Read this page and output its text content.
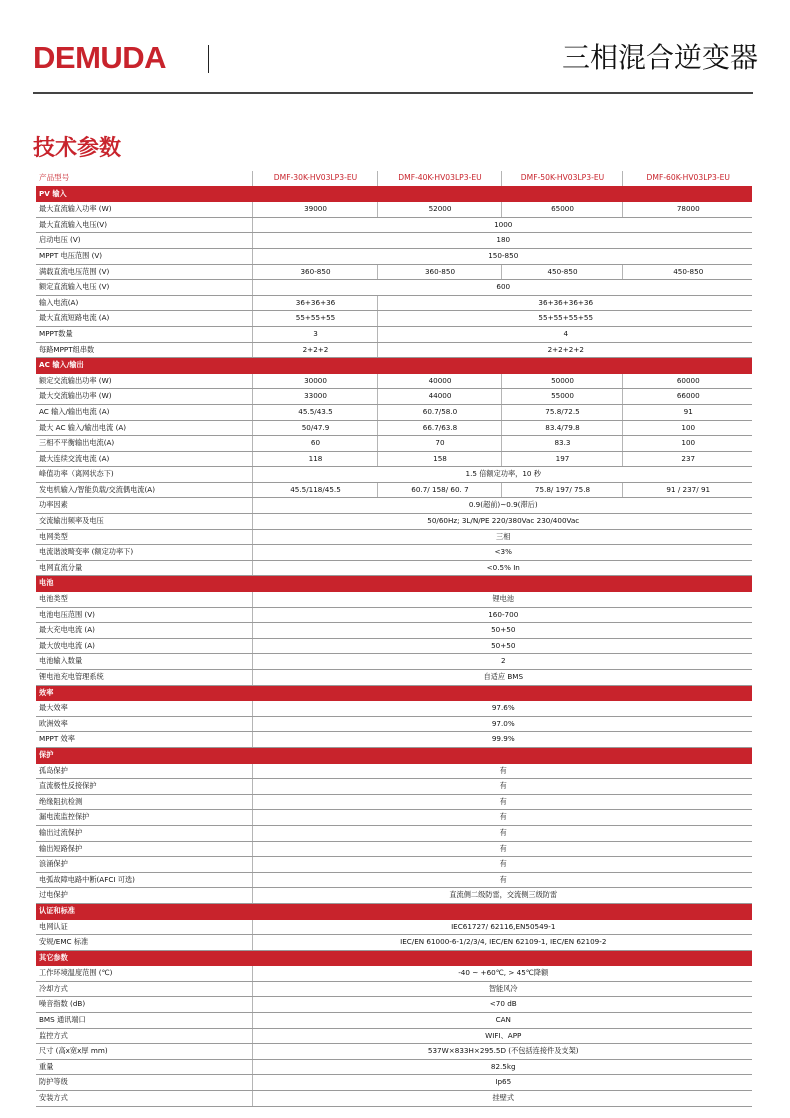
DEMUDA	三相混合逆变器
技术参数
产品型号	DMF-30K-HV03LP3-EU	DMF-40K-HV03LP3-EU	DMF-50K-HV03LP3-EU	DMF-60K-HV03LP3-EU
PV 输入				
最大直流输入功率 (W)	39000	52000	65000	78000
最大直流输入电压(V)	1000			
启动电压 (V)	180			
MPPT 电压范围 (V)	150-850			
满载直流电压范围 (V)	360-850	360-850	450-850	450-850
额定直流输入电压 (V)	600			
输入电流(A)	36+36+36	36+36+36+36		
最大直流短路电流 (A)	55+55+55	55+55+55+55		
MPPT数量	3	4		
每路MPPT组串数	2+2+2	2+2+2+2		
AC 输入/输出				
额定交流输出功率 (W)	30000	40000	50000	60000
最大交流输出功率 (W)	33000	44000	55000	66000
AC 输入/输出电流 (A)	45.5/43.5	60.7/58.0	75.8/72.5	91
最大 AC 输入/输出电流 (A)	50/47.9	66.7/63.8	83.4/79.8	100
三相不平衡输出电流(A)	60	70	83.3	100
最大连续交流电流 (A)	118	158	197	237
峰值功率（离网状态下)	1.5 倍额定功率，10 秒			
发电机输入/智能负载/交流偶电流(A)	45.5/118/45.5	60.7/ 158/ 60. 7	75.8/ 197/ 75.8	91 / 237/ 91
功率因素	0.9(超前)~0.9(滞后)			
交流输出频率及电压	50/60Hz; 3L/N/PE 220/380Vac 230/400Vac			
电网类型	三相			
电流谐波畸变率 (额定功率下)	<3%			
电网直流分量	<0.5% In			
电池				
电池类型	锂电池			
电池电压范围 (V)	160-700			
最大充电电流 (A)	50+50			
最大放电电流 (A)	50+50			
电池输入数量	2			
锂电池充电管理系统	自适应 BMS			
效率				
最大效率	97.6%			
欧洲效率	97.0%			
MPPT 效率	99.9%			
保护				
孤岛保护	有			
直流极性反接保护	有			
绝缘阻抗检测	有			
漏电流监控保护	有			
输出过流保护	有			
输出短路保护	有			
浪涌保护	有			
电弧故障电路中断(AFCI 可选)	有			
过电保护	直流侧二级防雷，交流侧三级防雷			
认证和标准				
电网认证	IEC61727/ 62116,EN50549-1			
安规/EMC 标准	IEC/EN 61000-6-1/2/3/4, IEC/EN 62109-1, IEC/EN 62109-2			
其它参数				
工作环境温度范围 (℃)	-40 ~ +60℃, > 45℃降额			
冷却方式	智能风冷			
噪音指数 (dB)	<70 dB			
BMS 通讯端口	CAN			
监控方式	WIFI、APP			
尺寸 (高x宽x厚 mm)	537W×833H×295.5D (不包括连接件及支架)			
重量	82.5kg			
防护等级	Ip65			
安装方式	挂壁式			
